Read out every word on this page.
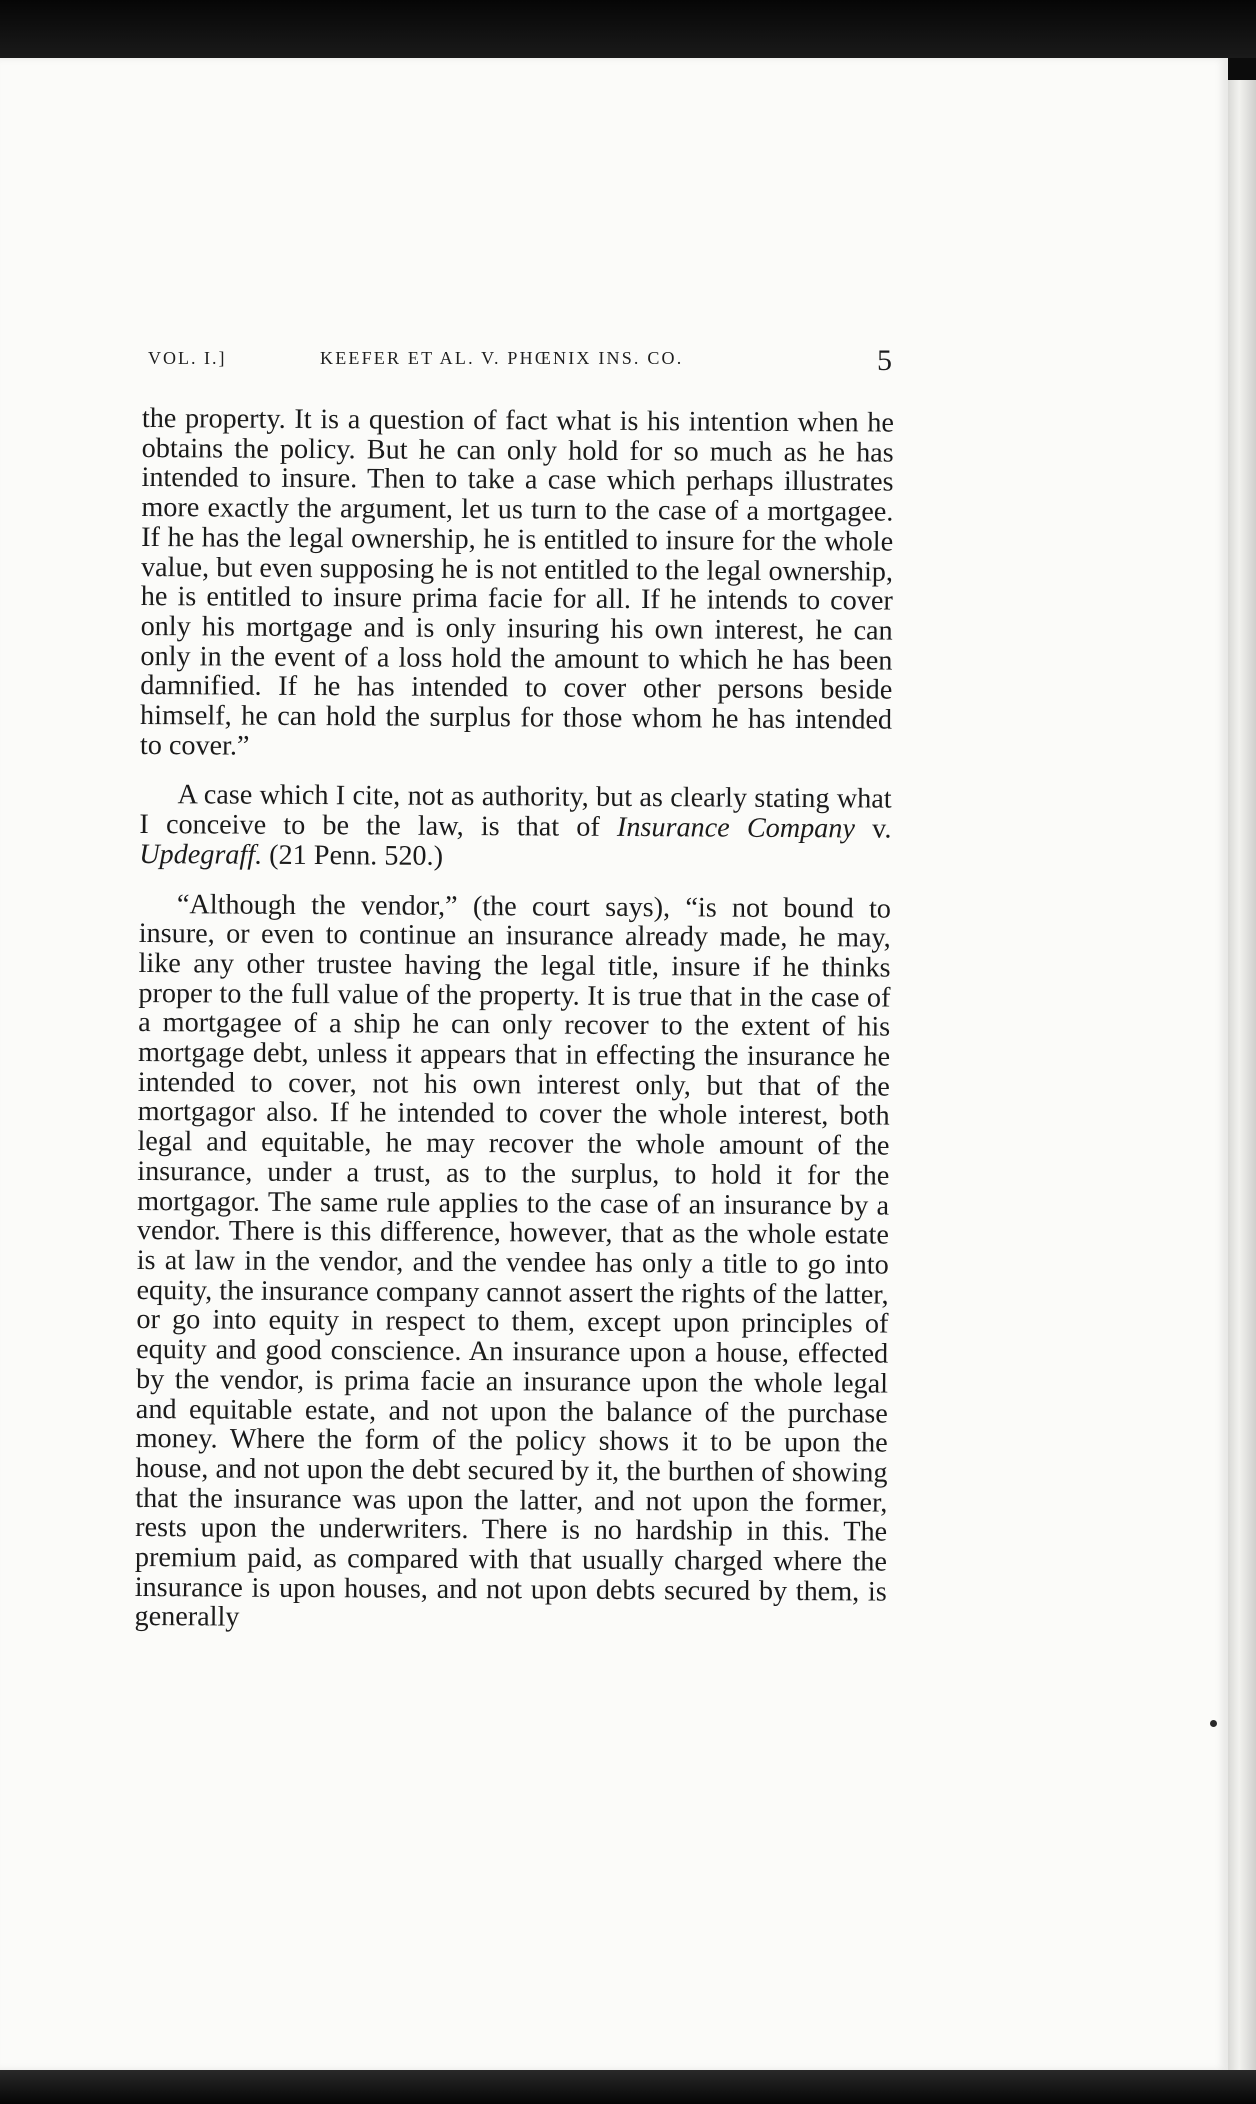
VOL. I.]	KEEFER ET AL. V. PHŒNIX INS. CO.	5

the property. It is a question of fact what is his intention when he obtains the policy. But he can only hold for so much as he has intended to insure. Then to take a case which perhaps illustrates more exactly the argument, let us turn to the case of a mortgagee. If he has the legal ownership, he is entitled to insure for the whole value, but even supposing he is not entitled to the legal ownership, he is entitled to insure prima facie for all. If he intends to cover only his mortgage and is only insuring his own interest, he can only in the event of a loss hold the amount to which he has been damnified. If he has intended to cover other persons beside himself, he can hold the surplus for those whom he has intended to cover.”

A case which I cite, not as authority, but as clearly stating what I conceive to be the law, is that of Insurance Company v. Updegraff. (21 Penn. 520.)

“Although the vendor,” (the court says), “is not bound to insure, or even to continue an insurance already made, he may, like any other trustee having the legal title, insure if he thinks proper to the full value of the property. It is true that in the case of a mortgagee of a ship he can only recover to the extent of his mortgage debt, unless it appears that in effecting the insurance he intended to cover, not his own interest only, but that of the mortgagor also. If he intended to cover the whole interest, both legal and equitable, he may recover the whole amount of the insurance, under a trust, as to the surplus, to hold it for the mortgagor. The same rule applies to the case of an insurance by a vendor. There is this difference, however, that as the whole estate is at law in the vendor, and the vendee has only a title to go into equity, the insurance company cannot assert the rights of the latter, or go into equity in respect to them, except upon principles of equity and good conscience. An insurance upon a house, effected by the vendor, is prima facie an insurance upon the whole legal and equitable estate, and not upon the balance of the purchase money. Where the form of the policy shows it to be upon the house, and not upon the debt secured by it, the burthen of showing that the insurance was upon the latter, and not upon the former, rests upon the underwriters. There is no hardship in this. The premium paid, as compared with that usually charged where the insurance is upon houses, and not upon debts secured by them, is generally
